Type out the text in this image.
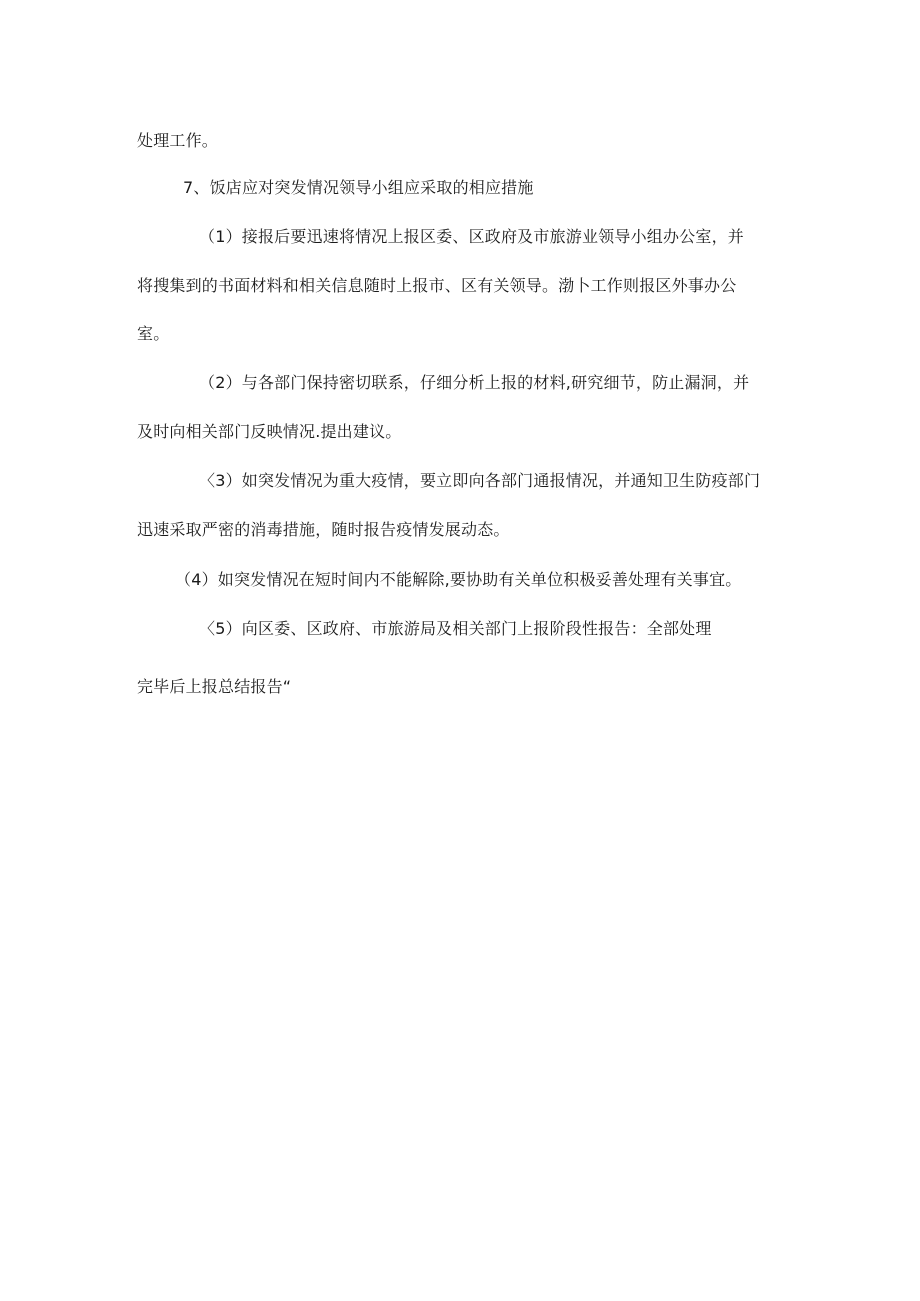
处理工作。
7、饭店应对突发情况领导小组应采取的相应措施
（1）接报后要迅速将情况上报区委、区政府及市旅游业领导小组办公室，并
将搜集到的书面材料和相关信息随时上报市、区有关领导。渤卜工作则报区外事办公
室。
（2）与各部门保持密切联系，仔细分析上报的材料,研究细节，防止漏洞，并
及时向相关部门反映情况.提出建议。
〈3）如突发情况为重大疫情，要立即向各部门通报情况，并通知卫生防疫部门
迅速采取严密的消毒措施，随时报告疫情发展动态。
（4）如突发情况在短时间内不能解除,要协助有关单位积极妥善处理有关事宜。
〈5）向区委、区政府、市旅游局及相关部门上报阶段性报告：全部处理
完毕后上报总结报告“
